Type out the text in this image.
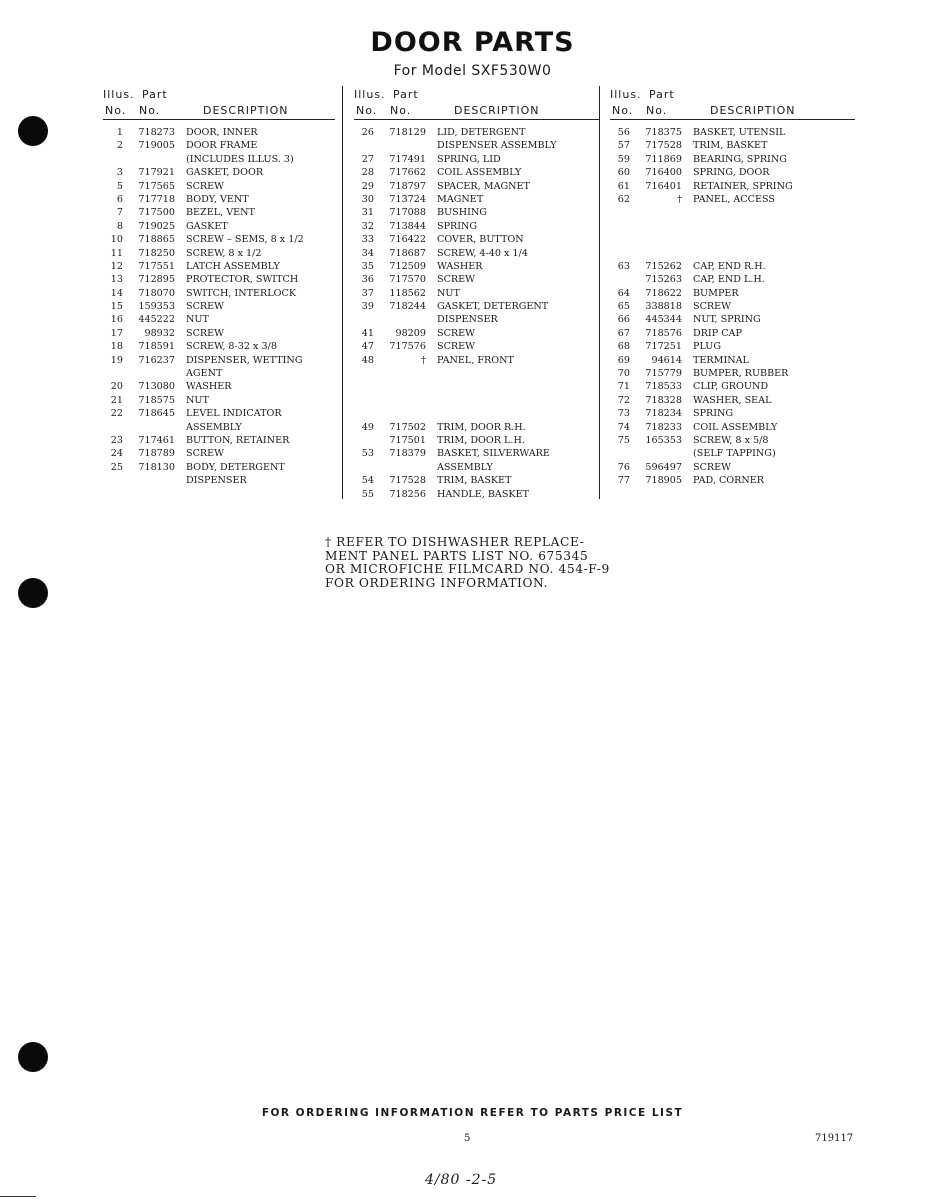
DOOR PARTS
For Model SXF530W0
Illus. Part
No. No.	DESCRIPTION
1	718273 DOOR, INNER
2	719005 DOOR FRAME
(INCLUDES ILLUS. 3)
3	717921 GASKET, DOOR
5	717565 SCREW
6	717718 BODY, VENT
7	717500 BEZEL, VENT
8	719025 GASKET
10	718865 SCREW – SEMS, 8 x 1/2
11	718250 SCREW, 8 x 1/2
12	717551 LATCH ASSEMBLY
13	712895 PROTECTOR, SWITCH
14	718070 SWITCH, INTERLOCK
15	159353 SCREW
16	445222 NUT
17	98932 SCREW
18	718591 SCREW, 8-32 x 3/8
19	716237 DISPENSER, WETTING
AGENT
20	713080 WASHER
21	718575 NUT
22	718645 LEVEL INDICATOR
ASSEMBLY
23	717461 BUTTON, RETAINER
24	718789 SCREW
25	718130 BODY, DETERGENT
DISPENSER
Illus. Part
No. No.	DESCRIPTION
26	718129 LID, DETERGENT
DISPENSER ASSEMBLY
27	717491 SPRING, LID
28	717662 COIL ASSEMBLY
29	718797 SPACER, MAGNET
30	713724 MAGNET
31	717088 BUSHING
32	713844 SPRING
33	716422 COVER, BUTTON
34	718687 SCREW, 4-40 x 1/4
35	712509 WASHER
36	717570 SCREW
37	118562 NUT
39	718244 GASKET, DETERGENT
DISPENSER
41	98209 SCREW
47	717576 SCREW
48	† PANEL, FRONT
49	717502 TRIM, DOOR R.H.
717501 TRIM, DOOR L.H.
53	718379 BASKET, SILVERWARE
ASSEMBLY
54	717528 TRIM, BASKET
55	718256 HANDLE, BASKET
Illus. Part
No. No.	DESCRIPTION
56	718375 BASKET, UTENSIL
57	717528 TRIM, BASKET
59	711869 BEARING, SPRING
60	716400 SPRING, DOOR
61	716401 RETAINER, SPRING
62	† PANEL, ACCESS
63	715262 CAP, END R.H.
715263 CAP, END L.H.
64	718622 BUMPER
65	338818 SCREW
66	445344 NUT, SPRING
67	718576 DRIP CAP
68	717251 PLUG
69	94614 TERMINAL
70	715779 BUMPER, RUBBER
71	718533 CLIP, GROUND
72	718328 WASHER, SEAL
73	718234 SPRING
74	718233 COIL ASSEMBLY
75	165353 SCREW, 8 x 5/8
(SELF TAPPING)
76	596497 SCREW
77	718905 PAD, CORNER
† REFER TO DISHWASHER REPLACE-
MENT PANEL PARTS LIST NO. 675345
OR MICROFICHE FILMCARD NO. 454-F-9
FOR ORDERING INFORMATION.
FOR ORDERING INFORMATION REFER TO PARTS PRICE LIST
5	719117
4/80 -2-5
